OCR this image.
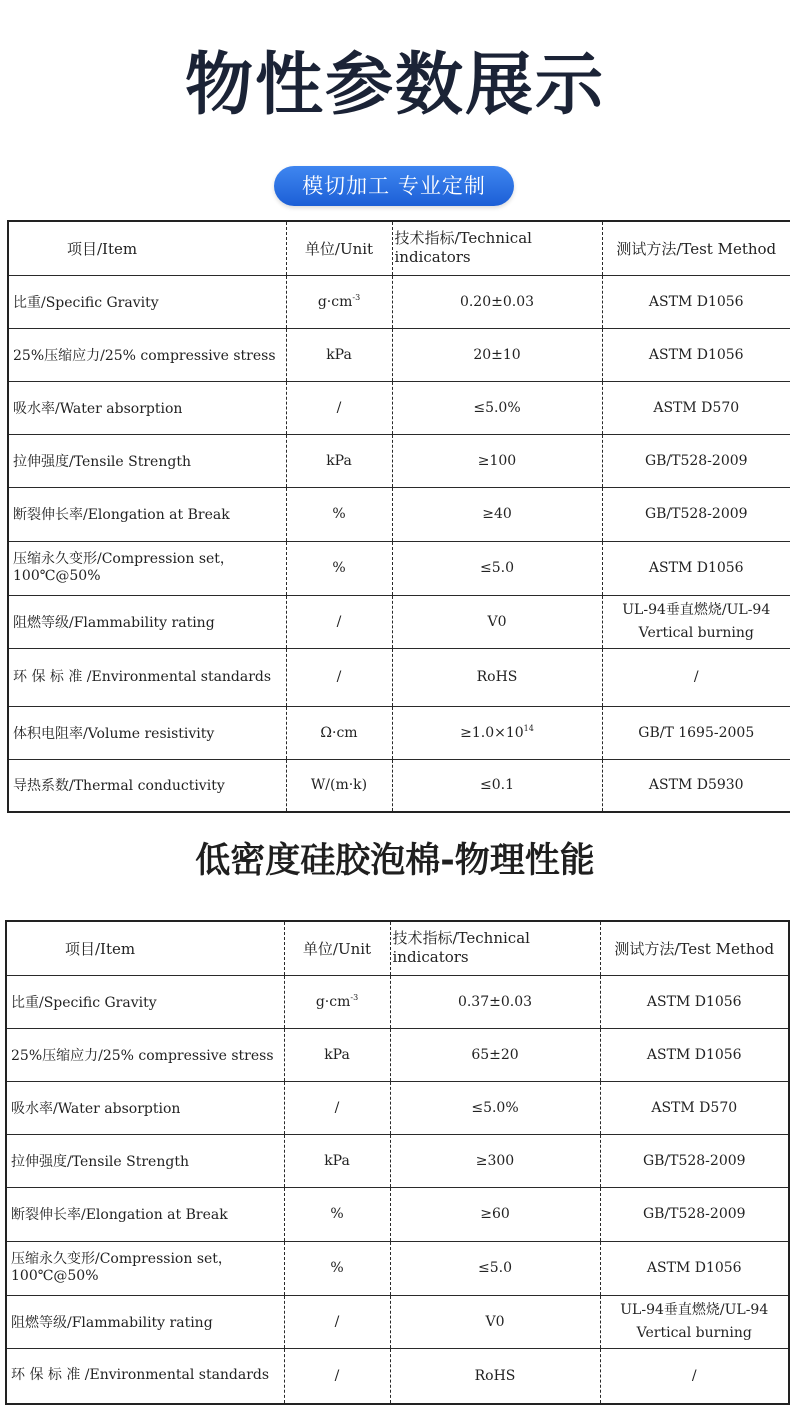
物性参数展示
模切加工 专业定制
项目/Item	单位/Unit	技术指标/Technical indicators	测试方法/Test Method
比重/Specific Gravity	$g\cdot cm^{-3}$	0.20±0.03	ASTM D1056
25%压缩应力/25% compressive stress	kPa	20±10	ASTM D1056
吸水率/Water absorption	/	≤5.0%	ASTM D570
拉伸强度/Tensile Strength	kPa	≥100	GB/T528-2009
断裂伸长率/Elongation at Break	%	≥40	GB/T528-2009
压缩永久变形/Compression set，100℃@50%	%	≤5.0	ASTM D1056
阻燃等级/Flammability rating	/	V0	UL-94垂直燃烧/UL-94 Vertical burning
环 保 标 准 /Environmental standards	/	RoHS	/
体积电阻率/Volume resistivity	Ω·cm	$\ge 1.0\times 10^{14}$	GB/T 1695-2005
导热系数/Thermal conductivity	W/(m·k)	≤0.1	ASTM D5930
低密度硅胶泡棉-物理性能
项目/Item	单位/Unit	技术指标/Technical indicators	测试方法/Test Method
比重/Specific Gravity	$g\cdot cm^{-3}$	0.37±0.03	ASTM D1056
25%压缩应力/25% compressive stress	kPa	65±20	ASTM D1056
吸水率/Water absorption	/	≤5.0%	ASTM D570
拉伸强度/Tensile Strength	kPa	≥300	GB/T528-2009
断裂伸长率/Elongation at Break	%	≥60	GB/T528-2009
压缩永久变形/Compression set，100℃@50%	%	≤5.0	ASTM D1056
阻燃等级/Flammability rating	/	V0	UL-94垂直燃烧/UL-94 Vertical burning
环 保 标 准 /Environmental standards	/	RoHS	/
